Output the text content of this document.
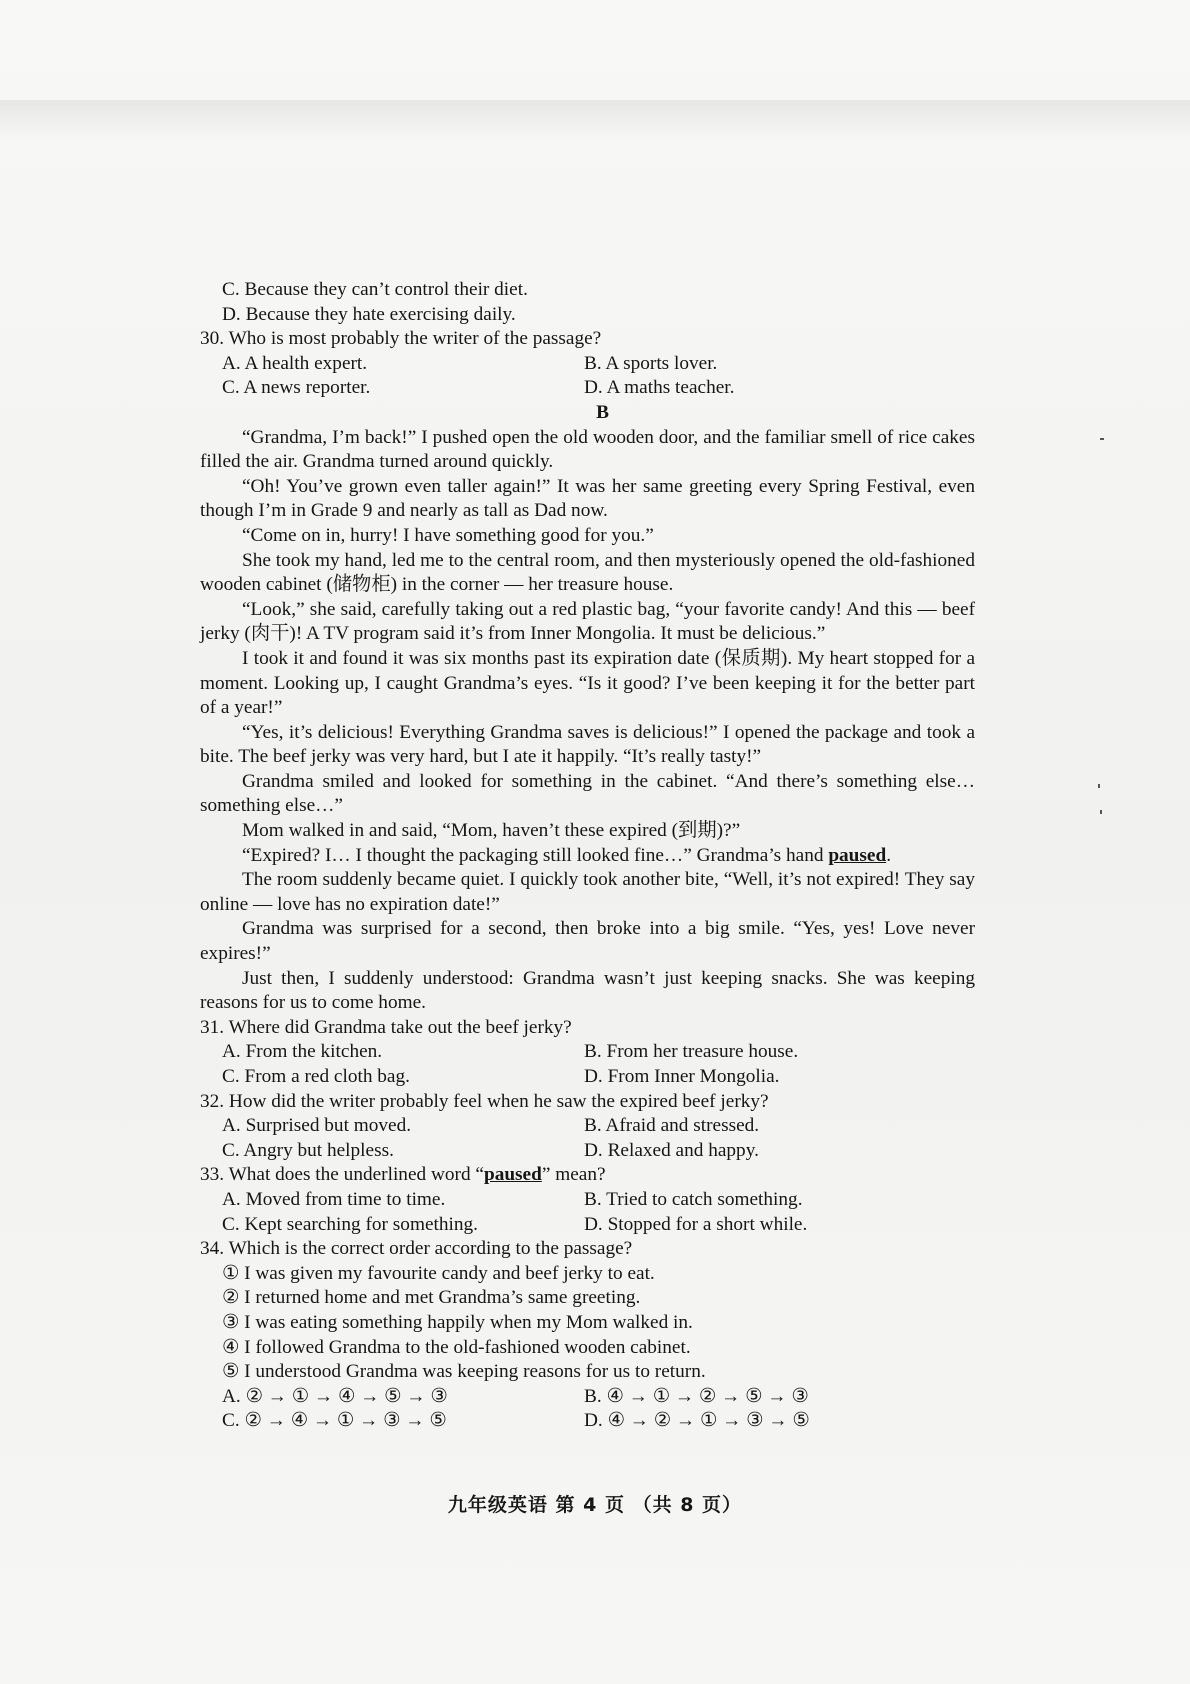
C. Because they can’t control their diet.
D. Because they hate exercising daily.
30. Who is most probably the writer of the passage?
A. A health expert.	B. A sports lover.
C. A news reporter.	D. A maths teacher.
B

“Grandma, I’m back!” I pushed open the old wooden door, and the familiar smell of rice cakes filled the air. Grandma turned around quickly.

“Oh! You’ve grown even taller again!” It was her same greeting every Spring Festival, even though I’m in Grade 9 and nearly as tall as Dad now.

“Come on in, hurry! I have something good for you.”

She took my hand, led me to the central room, and then mysteriously opened the old-fashioned wooden cabinet (储物柜) in the corner — her treasure house.

“Look,” she said, carefully taking out a red plastic bag, “your favorite candy! And this — beef jerky (肉干)! A TV program said it’s from Inner Mongolia. It must be delicious.”

I took it and found it was six months past its expiration date (保质期). My heart stopped for a moment. Looking up, I caught Grandma’s eyes. “Is it good? I’ve been keeping it for the better part of a year!”

“Yes, it’s delicious! Everything Grandma saves is delicious!” I opened the package and took a bite. The beef jerky was very hard, but I ate it happily. “It’s really tasty!”

Grandma smiled and looked for something in the cabinet. “And there’s something else… something else…”

Mom walked in and said, “Mom, haven’t these expired (到期)?”

“Expired? I… I thought the packaging still looked fine…” Grandma’s hand paused.

The room suddenly became quiet. I quickly took another bite, “Well, it’s not expired! They say online — love has no expiration date!”

Grandma was surprised for a second, then broke into a big smile. “Yes, yes! Love never expires!”

Just then, I suddenly understood: Grandma wasn’t just keeping snacks. She was keeping reasons for us to come home.

31. Where did Grandma take out the beef jerky?
A. From the kitchen.	B. From her treasure house.
C. From a red cloth bag.	D. From Inner Mongolia.
32. How did the writer probably feel when he saw the expired beef jerky?
A. Surprised but moved.	B. Afraid and stressed.
C. Angry but helpless.	D. Relaxed and happy.
33. What does the underlined word “paused” mean?
A. Moved from time to time.	B. Tried to catch something.
C. Kept searching for something.	D. Stopped for a short while.
34. Which is the correct order according to the passage?
① I was given my favourite candy and beef jerky to eat.
② I returned home and met Grandma’s same greeting.
③ I was eating something happily when my Mom walked in.
④ I followed Grandma to the old-fashioned wooden cabinet.
⑤ I understood Grandma was keeping reasons for us to return.
A. ② → ① → ④ → ⑤ → ③	B. ④ → ① → ② → ⑤ → ③
C. ② → ④ → ① → ③ → ⑤	D. ④ → ② → ① → ③ → ⑤
九年级英语 第 4 页 （共 8 页）
